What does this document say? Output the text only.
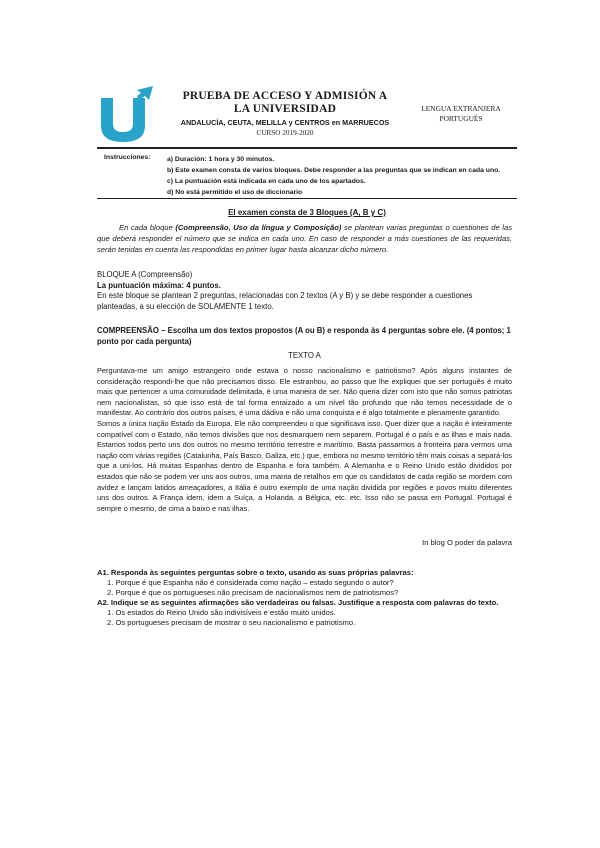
PRUEBA DE ACCESO Y ADMISIÓN A LA UNIVERSIDAD
ANDALUCÍA, CEUTA, MELILLA y CENTROS en MARRUECOS
CURSO 2019-2020
LENGUA EXTRANJERA
PORTUGUÉS
Instrucciones: a) Duración: 1 hora y 30 minutos.
b) Este examen consta de varios bloques. Debe responder a las preguntas que se indican en cada uno.
c) La puntuación está indicada en cada uno de los apartados.
d) No está permitido el uso de diccionario
El examen consta de 3 Bloques (A, B y C)
En cada bloque (Compreensão, Uso da língua y Composição) se plantean varias preguntas o cuestiones de las que deberá responder el número que se indica en cada uno. En caso de responder a más cuestiones de las requeridas, serán tenidas en cuenta las respondidas en primer lugar hasta alcanzar dicho número.
BLOQUE A (Compreensão)
La puntuación máxima: 4 puntos.
En este bloque se plantean 2 preguntas, relacionadas con 2 textos (A y B) y se debe responder a cuestiones planteadas, a su elección de SOLAMENTE 1 texto.
COMPREENSÃO – Escolha um dos textos propostos (A ou B) e responda às 4 perguntas sobre ele. (4 pontos; 1 ponto por cada pergunta)
TEXTO A

Perguntava-me um amigo estrangeiro onde estava o nosso nacionalismo e patriotismo? Após alguns instantes de consideração respondi-lhe que não precisamos disso. Ele estranhou, ao passo que lhe expliquei que ser português é muito mais que pertencer a uma comunidade delimitada, é uma maneira de ser. Não queria dizer com isto que não somos patriotas nem nacionalistas, só que isso está de tal forma enraizado a um nível tão profundo que não temos necessidade de o manifestar. Ao contrário dos outros países, é uma dádiva e não uma conquista e é algo totalmente e plenamente garantido.

Somos a única nação Estado da Europa. Ele não compreendeu o que significava isso. Quer dizer que a nação é inteiramente compatível com o Estado, não temos divisões que nos desmarquem nem separem. Portugal é o país e as ilhas e mais nada. Estamos todos perto uns dos outros no mesmo território terrestre e marítimo. Basta passarmos a fronteira para vermos uma nação com várias regiões (Catalunha, País Basco, Galiza, etc.) que, embora no mesmo território têm mais coisas a separá-los que a uni-los. Há muitas Espanhas dentro de Espanha e fora também. A Alemanha e o Reino Unido estão divididos por estados que não se podem ver uns aos outros, uma manta de retalhos em que os candidatos de cada região se mordem com avidez e lançam latidos ameaçadores, a Itália é outro exemplo de uma nação dividida por regiões e povos muito diferentes uns dos outros. A França idem, idem a Suíça, a Holanda, a Bélgica, etc. etc. Isso não se passa em Portugal. Portugal é sempre o mesmo, de cima a baixo e nas ilhas.

In blog O poder da palavra
A1. Responda às seguintes perguntas sobre o texto, usando as suas próprias palavras:
1. Porque é que Espanha não é considerada como nação – estado segundo o autor?
2. Porque é que os portugueses não precisam de nacionalismos nem de patriotismos?
A2. Indique se as seguintes afirmações são verdadeiras ou falsas. Justifique a resposta com palavras do texto.
1. Os estados do Reino Unido são indivisíveis e estão muito unidos.
2. Os portugueses precisam de mostrar o seu nacionalismo e patriotismo.
